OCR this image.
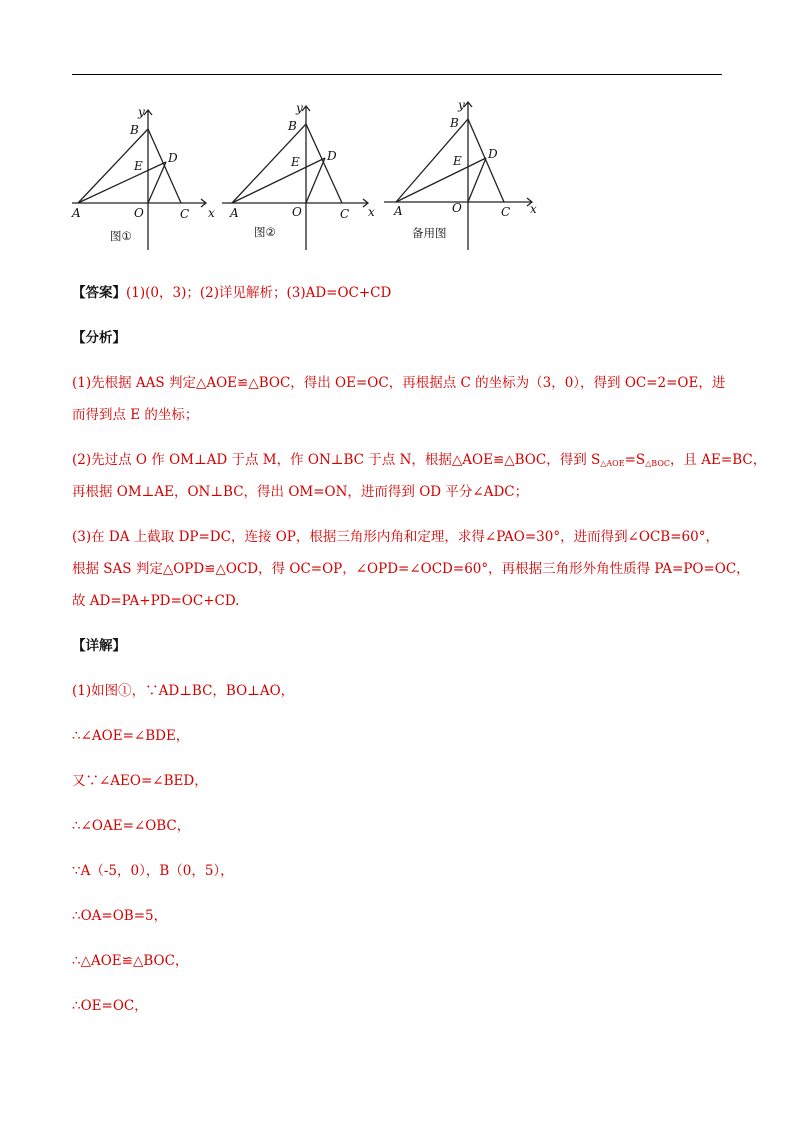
y
B
E
D
A	O	C x
图①
y
B
E D
A	O	C x
图②
y
B
E D
A	O	C x
备用图
【答案】(1)(0，3)；(2)详见解析；(3)AD=OC+CD
【分析】
(1)先根据 AAS 判定△AOE≌△BOC，得出 OE=OC，再根据点 C 的坐标为（3，0），得到 OC=2=OE，进
而得到点 E 的坐标；
(2)先过点 O 作 OM⊥AD 于点 M，作 ON⊥BC 于点 N，根据△AOE≌△BOC，得到 $S_{\triangle AOE}=S_{\triangle BOC}$，且 AE=BC，
再根据 OM⊥AE，ON⊥BC，得出 OM=ON，进而得到 OD 平分∠ADC；
(3)在 DA 上截取 DP=DC，连接 OP，根据三角形内角和定理，求得∠PAO=30°，进而得到∠OCB=60°，
根据 SAS 判定△OPD≌△OCD，得 OC=OP，∠OPD=∠OCD=60°，再根据三角形外角性质得 PA=PO=OC，
故 AD=PA+PD=OC+CD.
【详解】
(1)如图①，∵AD⊥BC，BO⊥AO，
∴∠AOE=∠BDE，
又∵∠AEO=∠BED，
∴∠OAE=∠OBC，
∵A（-5，0），B（0，5），
∴OA=OB=5，
∴△AOE≌△BOC，
∴OE=OC，
